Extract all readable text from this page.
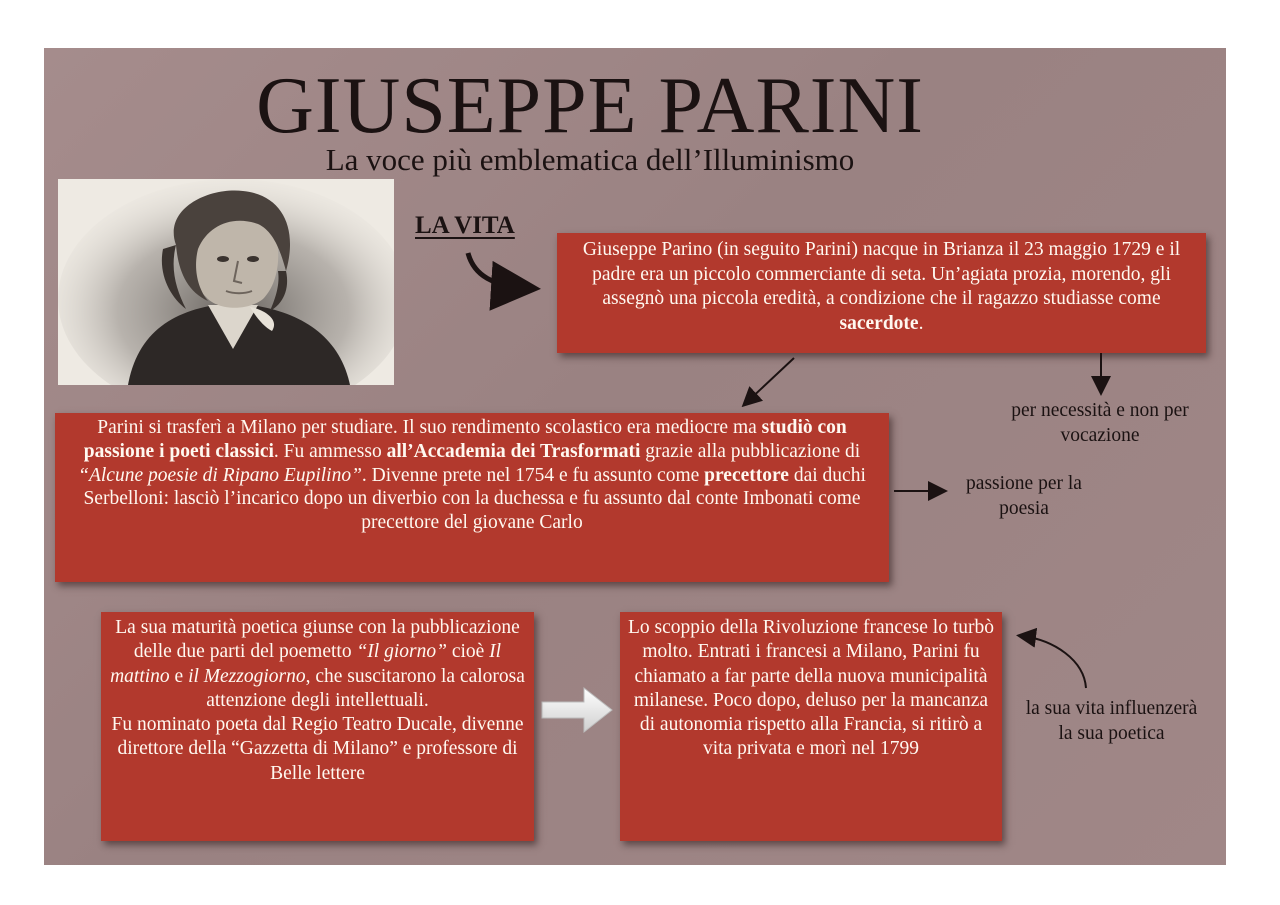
GIUSEPPE PARINI
La voce più emblematica dell’Illuminismo
LA VITA
Giuseppe Parino (in seguito Parini) nacque in Brianza il 23 maggio 1729 e il padre era un piccolo commerciante di seta. Un’agiata prozia, morendo, gli assegnò una piccola eredità, a condizione che il ragazzo studiasse come sacerdote.
per necessità e non per vocazione
Parini si trasferì a Milano per studiare. Il suo rendimento scolastico era mediocre ma studiò con passione i poeti classici. Fu ammesso all’Accademia dei Trasformati grazie alla pubblicazione di “Alcune poesie di Ripano Eupilino”. Divenne prete nel 1754 e fu assunto come precettore dai duchi Serbelloni: lasciò l’incarico dopo un diverbio con la duchessa e fu assunto dal conte Imbonati come precettore del giovane Carlo
passione per la poesia

La sua maturità poetica giunse con la pubblicazione delle due parti del poemetto “Il giorno” cioè Il mattino e il Mezzogiorno, che suscitarono la calorosa attenzione degli intellettuali.

Fu nominato poeta dal Regio Teatro Ducale, divenne direttore della “Gazzetta di Milano” e professore di Belle lettere

Lo scoppio della Rivoluzione francese lo turbò molto. Entrati i francesi a Milano, Parini fu chiamato a far parte della nuova municipalità milanese. Poco dopo, deluso per la mancanza di autonomia rispetto alla Francia, si ritirò a vita privata e morì nel 1799
la sua vita influenzerà la sua poetica
